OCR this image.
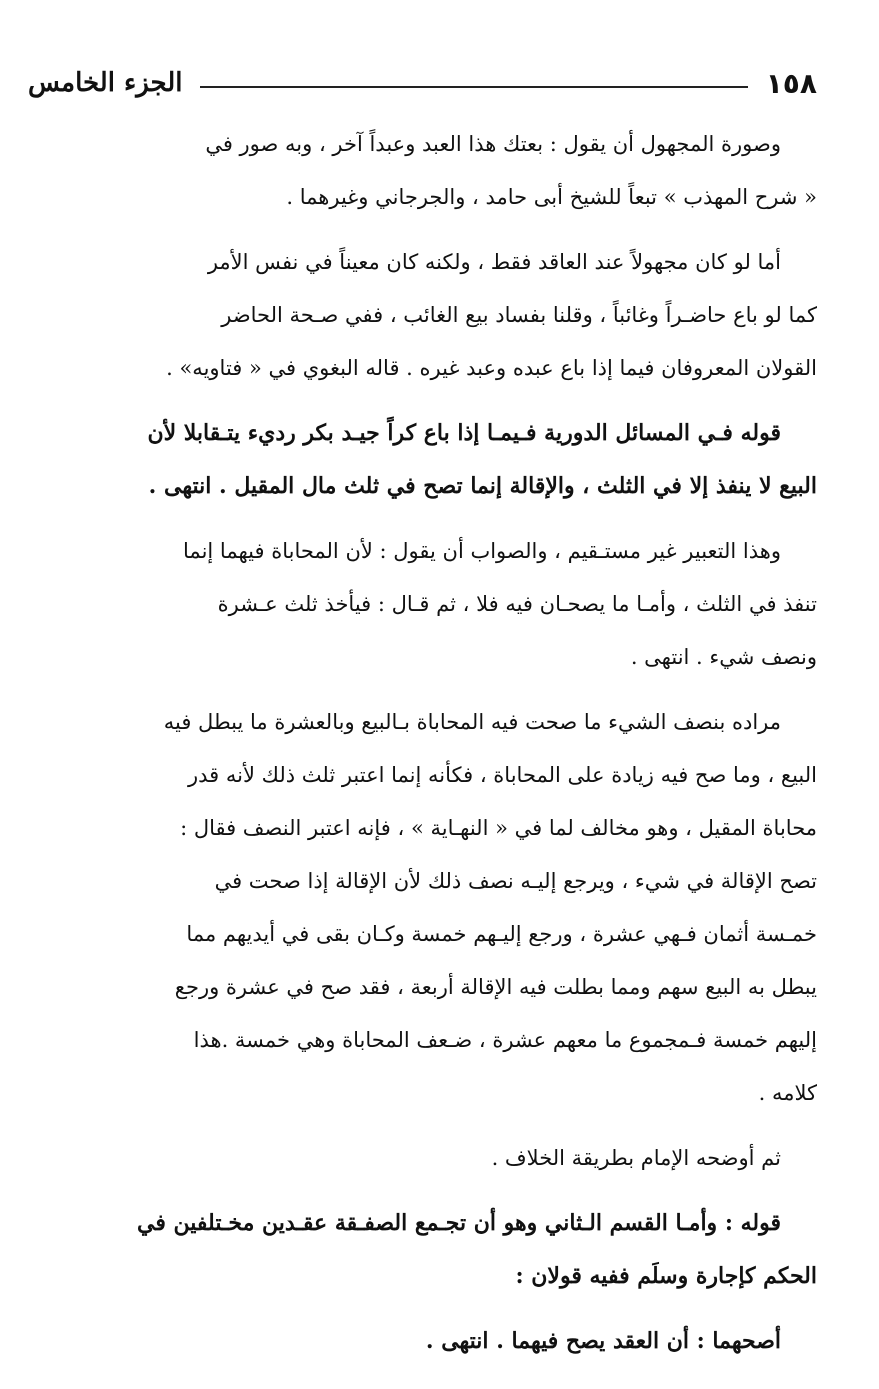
١٥٨
الجزء الخامس
وصورة المجهول أن يقول : بعتك هذا العبد وعبداً آخر ، وبه صور في
« شرح المهذب » تبعاً للشيخ أبى حامد ، والجرجاني وغيرهما .
أما لو كان مجهولاً عند العاقد فقط ، ولكنه كان معيناً في نفس الأمر
كما لو باع حاضـراً وغائباً ، وقلنا بفساد بيع الغائب ، ففي صـحة الحاضر
القولان المعروفان فيما إذا باع عبده وعبد غيره . قاله البغوي في « فتاويه» .
قوله فـي المسائل الدورية فـيمـا إذا باع كراً جيـد بكر رديء يتـقابلا لأن
البيع لا ينفذ إلا في الثلث ، والإقالة إنما تصح في ثلث مال المقيل . انتهى .
وهذا التعبير غير مستـقيم ، والصواب أن يقول : لأن المحاباة فيهما إنما
تنفذ في الثلث ، وأمـا ما يصحـان فيه فلا ، ثم قـال : فيأخذ ثلث عـشرة
ونصف شيء . انتهى .
مراده بنصف الشيء ما صحت فيه المحاباة بـالبيع وبالعشرة ما يبطل فيه
البيع ، وما صح فيه زيادة على المحاباة ، فكأنه إنما اعتبر ثلث ذلك لأنه قدر
محاباة المقيل ، وهو مخالف لما في « النهـاية » ، فإنه اعتبر النصف فقال :
تصح الإقالة في شيء ، ويرجع إليـه نصف ذلك لأن الإقالة إذا صحت في
خمـسة أثمان فـهي عشرة ، ورجع إليـهم خمسة وكـان بقى في أيديهم مما
يبطل به البيع سهم ومما بطلت فيه الإقالة أربعة ، فقد صح في عشرة ورجع
إليهم خمسة فـمجموع ما معهم عشرة ، ضـعف المحاباة وهي خمسة .هذا
كلامه .
ثم أوضحه الإمام بطريقة الخلاف .
قوله : وأمـا القسم الـثاني وهو أن تجـمع الصفـقة عقـدين مخـتلفين في
الحكم كإجارة وسلَم ففيه قولان :
أصحهما : أن العقد يصح فيهما . انتهى .
